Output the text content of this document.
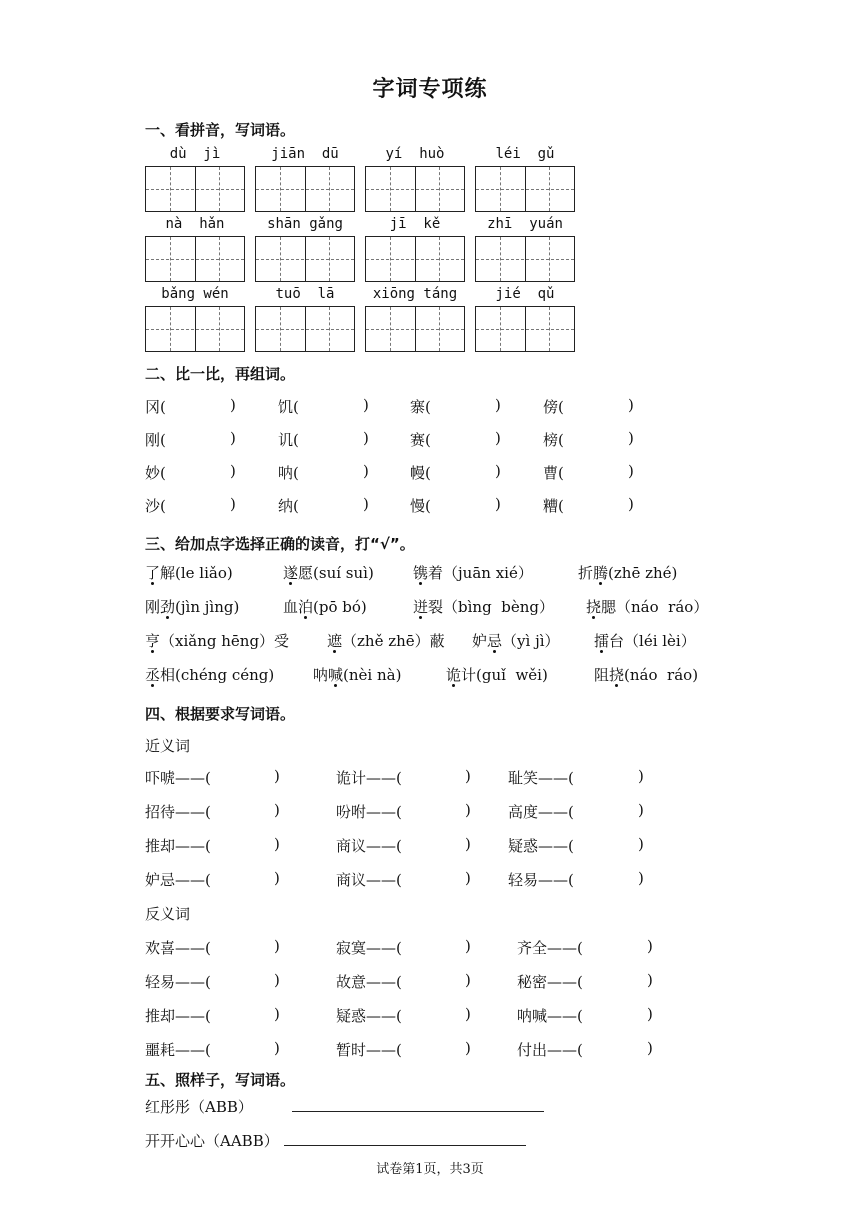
字词专项练
一、看拼音，写词语。
dù  jì	jiān  dū	yí  huò	léi  gǔ
nà  hǎn	shān gǎng	jī  kě	zhī  yuán
bǎng wén	tuō  lā	xiōng táng	jié  qǔ
二、比一比，再组词。
冈(	)	饥(	)	寨(	)	傍(	)
刚(	)	讥(	)	赛(	)	榜(	)
妙(	)	呐(	)	幔(	)	曹(	)
沙(	)	纳(	)	慢(	)	糟(	)
三、给加点字选择正确的读音，打“√”。
了解(le liǎo)	遂愿(suí suì)	镌着（juān xié）	折腾(zhē zhé)
刚劲(jìn jìng)	血泊(pō bó)	迸裂（bìng  bèng） 挠腮（náo  ráo）
亨（xiǎng hēng）受	遮（zhě zhē）蔽 妒忌（yì jì） 擂台（léi lèi）
丞相(chéng céng)	呐喊(nèi nà)	诡计(guǐ  wěi)	阻挠(náo  ráo)
四、根据要求写词语。
近义词
吓唬——(	)	诡计——(	) 耻笑——(	)
招待——(	)	吩咐——(	) 高度——(	)
推却——(	)	商议——(	) 疑惑——(	)
妒忌——(	)	商议——(	) 轻易——(	)
反义词
欢喜——(	)	寂寞——(	)	齐全——(	)
轻易——(	)	故意——(	)	秘密——(	)
推却——(	)	疑惑——(	)	呐喊——(	)
噩耗——(	)	暂时——(	)	付出——(	)
五、照样子，写词语。
红彤彤（ABB）
开开心心（AABB）
试卷第1页，共3页
